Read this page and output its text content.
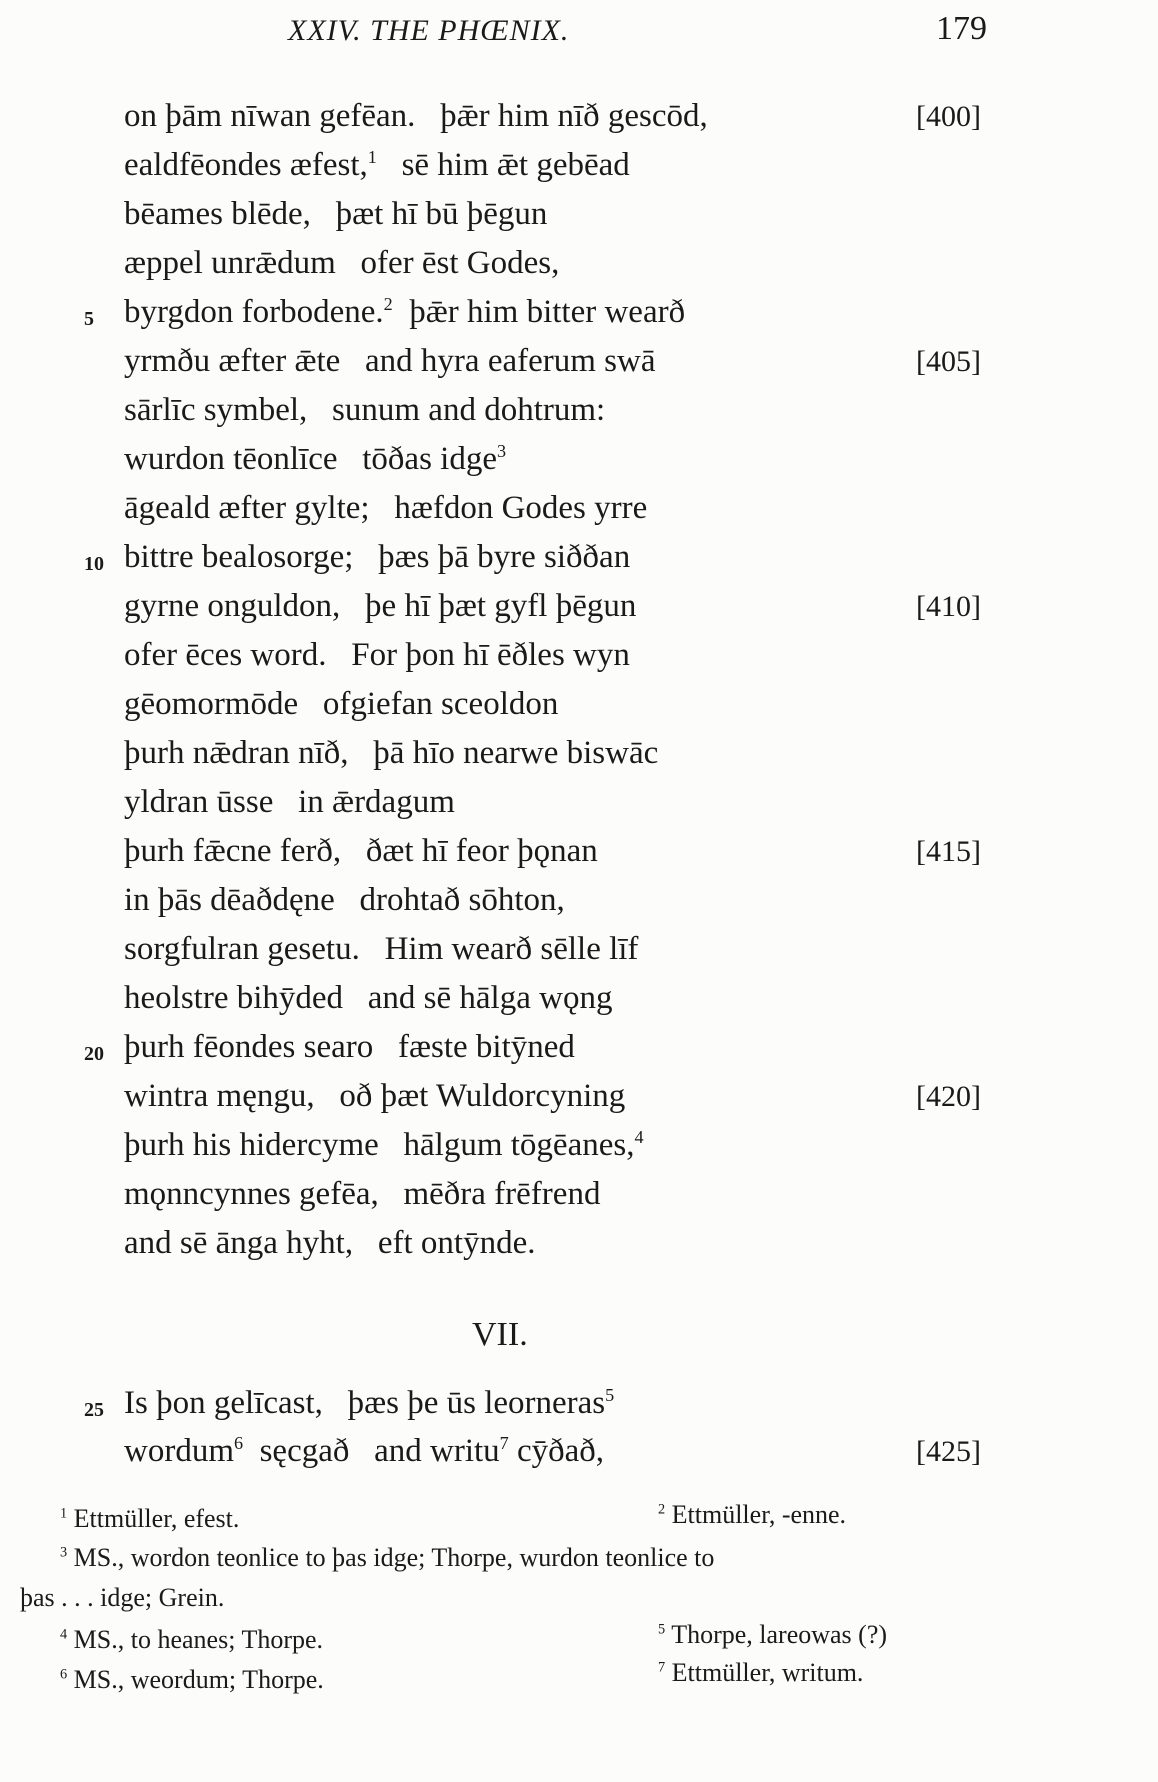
XXIV. THE PHŒNIX.	179
on þām nīwan gefēan.   þǣr him nīð gescōd,	[400]
ealdfēondes æfest,$^1$   sē him ǣt gebēad
bēames blēde,   þæt hī bū þēgun
æppel unrǣdum   ofer ēst Godes,
byrgdon forbodene.$^2$  þǣr him bitter wearð
5
yrmðu æfter ǣte   and hyra eaferum swā	[405]
sārlīc symbel,   sunum and dohtrum:
wurdon tēonlīce   tōðas idge$^3$
āgeald æfter gylte;   hæfdon Godes yrre
bittre bealosorge;   þæs þā byre siððan
10
gyrne onguldon,   þe hī þæt gyfl þēgun	[410]
ofer ēces word.   For þon hī ēðles wyn
gēomormōde   ofgiefan sceoldon
þurh nǣdran nīð,   þā hīo nearwe biswāc
yldran ūsse   in ǣrdagum
þurh fǣcne ferð,   ðæt hī feor þǫnan	[415]
in þās dēaðdęne   drohtað sōhton,
sorgfulran gesetu.   Him wearð sēlle līf
heolstre bihȳded   and sē hālga wǫng
þurh fēondes searo   fæste bitȳned
20
wintra męngu,   oð þæt Wuldorcyning	[420]
þurh his hidercyme   hālgum tōgēanes,$^4$
mǫnncynnes gefēa,   mēðra frēfrend
and sē ānga hyht,   eft ontȳnde.
Is þon gelīcast,   þæs þe ūs leorneras$^5$
25
wordum$^6$  sęcgað   and writu$^7$ cȳðað,	[425]
VII.
$^1$ Ettmüller, efest.	$^2$ Ettmüller, -enne.
$^3$ MS., wordon teonlice to þas idge; Thorpe, wurdon teonlice to
þas . . . idge; Grein.
$^4$ MS., to heanes; Thorpe.	$^5$ Thorpe, lareowas (?)
$^6$ MS., weordum; Thorpe.	$^7$ Ettmüller, writum.
